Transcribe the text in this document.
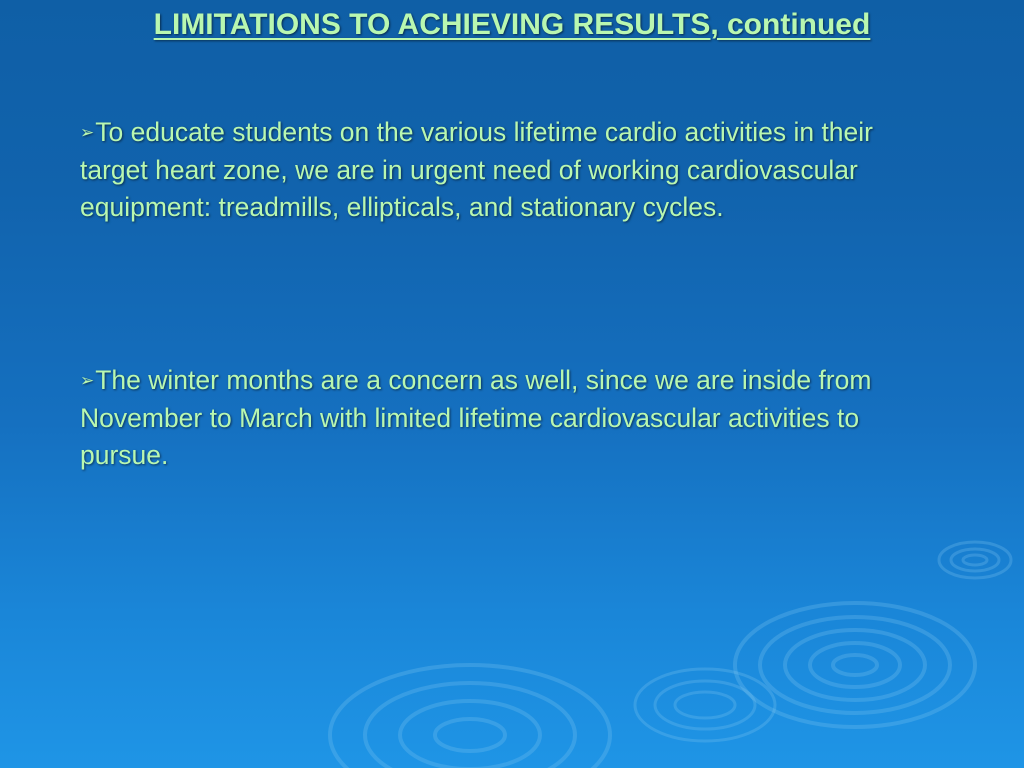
LIMITATIONS TO ACHIEVING RESULTS, continued

➢To educate students on the various lifetime cardio activities in their target heart zone, we are in urgent need of working cardiovascular equipment: treadmills, ellipticals, and stationary cycles.

➢The winter months are a concern as well, since we are inside from November to March with limited lifetime cardiovascular activities to pursue.
